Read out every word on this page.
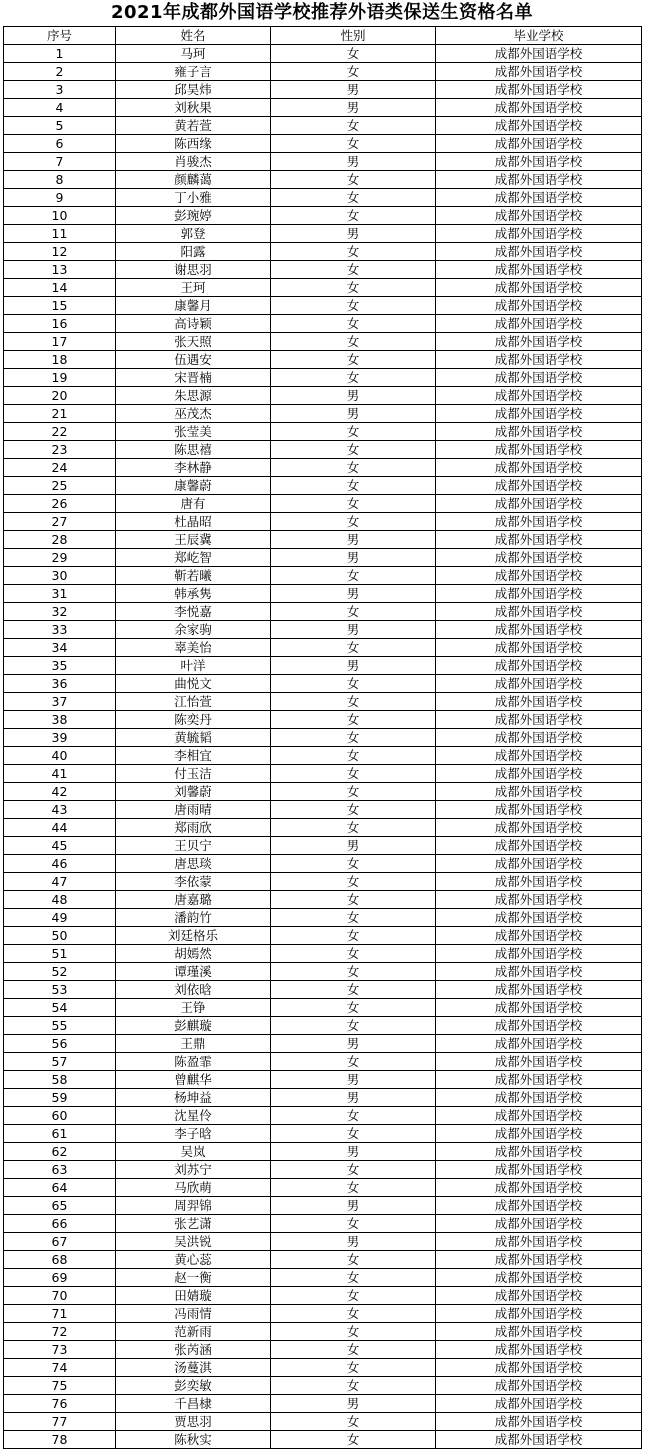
2021年成都外国语学校推荐外语类保送生资格名单
序号	姓名	性别	毕业学校
1	马珂	女	成都外国语学校
2	雍子言	女	成都外国语学校
3	邱昊炜	男	成都外国语学校
4	刘秋果	男	成都外国语学校
5	黄若萱	女	成都外国语学校
6	陈西缘	女	成都外国语学校
7	肖骏杰	男	成都外国语学校
8	颜麟蔼	女	成都外国语学校
9	丁小雅	女	成都外国语学校
10	彭琬婷	女	成都外国语学校
11	郭登	男	成都外国语学校
12	阳露	女	成都外国语学校
13	谢思羽	女	成都外国语学校
14	王珂	女	成都外国语学校
15	康馨月	女	成都外国语学校
16	高诗颖	女	成都外国语学校
17	张天照	女	成都外国语学校
18	伍遇安	女	成都外国语学校
19	宋晋楠	女	成都外国语学校
20	朱思源	男	成都外国语学校
21	巫茂杰	男	成都外国语学校
22	张莹美	女	成都外国语学校
23	陈思禧	女	成都外国语学校
24	李林静	女	成都外国语学校
25	康馨蔚	女	成都外国语学校
26	唐有	女	成都外国语学校
27	杜晶昭	女	成都外国语学校
28	王辰冀	男	成都外国语学校
29	郑屹智	男	成都外国语学校
30	靳若曦	女	成都外国语学校
31	韩承隽	男	成都外国语学校
32	李悦嘉	女	成都外国语学校
33	余家驹	男	成都外国语学校
34	辜美怡	女	成都外国语学校
35	叶洋	男	成都外国语学校
36	曲悦文	女	成都外国语学校
37	江怡萱	女	成都外国语学校
38	陈奕丹	女	成都外国语学校
39	黄毓韬	女	成都外国语学校
40	李相宜	女	成都外国语学校
41	付玉洁	女	成都外国语学校
42	刘馨蔚	女	成都外国语学校
43	唐雨晴	女	成都外国语学校
44	郑雨欣	女	成都外国语学校
45	王贝宁	男	成都外国语学校
46	唐思琰	女	成都外国语学校
47	李依蒙	女	成都外国语学校
48	唐嘉璐	女	成都外国语学校
49	潘韵竹	女	成都外国语学校
50	刘廷格乐	女	成都外国语学校
51	胡嫣然	女	成都外国语学校
52	谭瑾溪	女	成都外国语学校
53	刘依晗	女	成都外国语学校
54	王铮	女	成都外国语学校
55	彭麒璇	女	成都外国语学校
56	王鼎	男	成都外国语学校
57	陈盈霏	女	成都外国语学校
58	曾麒华	男	成都外国语学校
59	杨坤益	男	成都外国语学校
60	沈星伶	女	成都外国语学校
61	李子晗	女	成都外国语学校
62	吴岚	男	成都外国语学校
63	刘苏宁	女	成都外国语学校
64	马欣萌	女	成都外国语学校
65	周羿锦	男	成都外国语学校
66	张艺潇	女	成都外国语学校
67	吴洪锐	男	成都外国语学校
68	黄心蕊	女	成都外国语学校
69	赵一衡	女	成都外国语学校
70	田婧璇	女	成都外国语学校
71	冯雨情	女	成都外国语学校
72	范新雨	女	成都外国语学校
73	张芮涵	女	成都外国语学校
74	汤蔓淇	女	成都外国语学校
75	彭奕敏	女	成都外国语学校
76	千昌棣	男	成都外国语学校
77	贾思羽	女	成都外国语学校
78	陈秋实	女	成都外国语学校
